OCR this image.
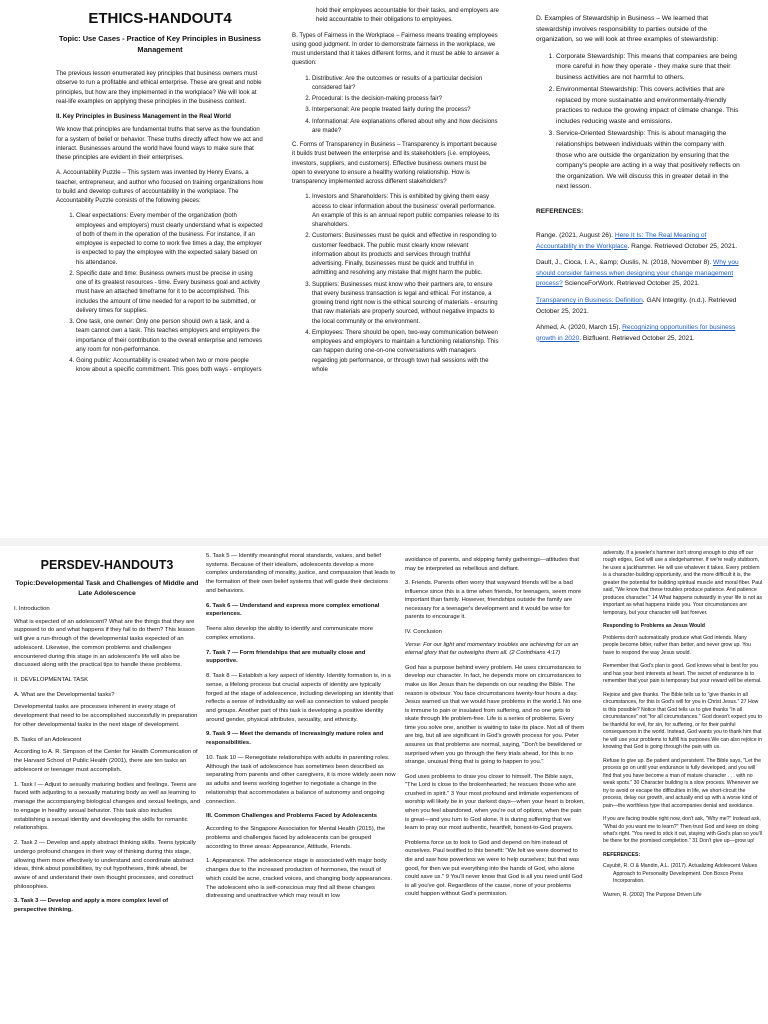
ETHICS-HANDOUT4
Topic: Use Cases - Practice of Key Principles in Business Management

The previous lesson enumerated key principles that business owners must observe to run a profitable and ethical enterprise. These are great and noble principles, but how are they implemented in the workplace? We will look at real-life examples on applying these principles in the business context.

II. Key Principles in Business Management in the Real World

We know that principles are fundamental truths that serve as the foundation for a system of belief or behavior. These truths directly affect how we act and interact. Businesses around the world have found ways to make sure that these principles are evident in their enterprises.

A. Accountability Puzzle – This system was invented by Henry Evans, a teacher, entrepreneur, and author who focused on training organizations how to build and develop cultures of accountability in the workplace. The Accountability Puzzle consists of the following pieces:

1. Clear expectations: Every member of the organization (both employees and employers) must clearly understand what is expected of both of them in the operation of the business. For instance, if an employee is expected to come to work five times a day, the employer is expected to pay the employee with the expected salary based on his attendance.
2. Specific date and time: Business owners must be precise in using one of its greatest resources - time. Every business goal and activity must have an attached timeframe for it to be accomplished. This includes the amount of time needed for a report to be submitted, or delivery times for supplies.
3. One task, one owner: Only one person should own a task, and a team cannot own a task. This teaches employers and employers the importance of their contribution to the overall enterprise and removes any room for non-performance.
4. Going public: Accountability is created when two or more people know about a specific commitment. This goes both ways - employers

hold their employees accountable for their tasks, and employers are held accountable to their obligations to employees.

B. Types of Fairness in the Workplace – Fairness means treating employees using good judgment. In order to demonstrate fairness in the workplace, we must understand that it takes different forms, and it must be able to answer a question:

1. Distributive: Are the outcomes or results of a particular decision considered fair?
2. Procedural: Is the decision-making process fair?
3. Interpersonal: Are people treated fairly during the process?
4. Informational: Are explanations offered about why and how decisions are made?

C. Forms of Transparency in Business – Transparency is important because it builds trust between the enterprise and its stakeholders (i.e. employees, investors, suppliers, and customers). Effective business owners must be open to everyone to ensure a healthy working relationship. How is transparency implemented across different stakeholders?

1. Investors and Shareholders: This is exhibited by giving them easy access to clear information about the business' overall performance. An example of this is an annual report public companies release to its shareholders.
2. Customers: Businesses must be quick and effective in responding to customer feedback. The public must clearly know relevant information about its products and services through truthful advertising. Finally, businesses must be quick and truthful in admitting and resolving any mistake that might harm the public.
3. Suppliers: Businesses must know who their partners are, to ensure that every business transaction is legal and ethical. For instance, a growing trend right now is the ethical sourcing of materials - ensuring that raw materials are properly sourced, without negative impacts to the local community or the environment.
4. Employees: There should be open, two-way communication between employees and employers to maintain a functioning relationship. This can happen during one-on-one conversations with managers regarding job performance, or through town hall sessions with the whole

D. Examples of Stewardship in Business – We learned that stewardship involves responsibility to parties outside of the organization, so we will look at three examples of stewardship:

1. Corporate Stewardship: This means that companies are being more careful in how they operate - they make sure that their business activities are not harmful to others.
2. Environmental Stewardship: This covers activities that are replaced by more sustainable and environmentally-friendly practices to reduce the growing impact of climate change. This includes reducing waste and emissions.
3. Service-Oriented Stewardship: This is about managing the relationships between individuals within the company with those who are outside the organization by ensuring that the company's people are acting in a way that positively reflects on the organization. We will discuss this in greater detail in the next lesson.
REFERENCES:

Range. (2021, August 26). Here It Is: The Real Meaning of Accountability in the Workplace. Range. Retrieved October 25, 2021.

Dault, J., Cioca, I. A., &amp; Ouslis, N. (2018, November 8). Why you should consider fairness when designing your change management process? ScienceForWork. Retrieved October 25, 2021.

Transparency in Business: Definition. GAN Integrity. (n.d.). Retrieved October 25, 2021.

Ahmed, A. (2020, March 15). Recognizing opportunities for business growth in 2020. Bizfluent. Retrieved October 25, 2021.

PERSDEV-HANDOUT3
Topic:Developmental Task and Challenges of Middle and Late Adolescence
I. Introduction

What is expected of an adolescent? What are the things that they are supposed to do and what happens if they fail to do them? This lesson will give a run-through of the developmental tasks expected of an adolescent. Likewise, the common problems and challenges encountered during this stage in an adolescent's life will also be discussed along with the practical tips to handle these problems.

II. DEVELOPMENTAL TASK
A. What are the Developmental tasks?

Developmental tasks are processes inherent in every stage of development that need to be accomplished successfully in preparation for other developmental tasks in the next stage of development.

B. Tasks of an Adolescent

According to A. R. Simpson of the Center for Health Communication of the Harvard School of Public Health (2001), there are ten tasks an adolescent or teenager must accomplish.

1. Task I — Adjust to sexually maturing bodies and feelings. Teens are faced with adjusting to a sexually maturing body as well as learning to manage the accompanying biological changes and sexual feelings, and to engage in healthy sexual behavior. This task also includes establishing a sexual identity and developing the skills for romantic relationships.

2. Task 2 — Develop and apply abstract thinking skills. Teens typically undergo profound changes in their way of thinking during this stage, allowing them more effectively to understand and coordinate abstract ideas, think about possibilities, try out hypotheses, think ahead, be aware of and understand their own thought processes, and construct philosophies.

3. Task 3 — Develop and apply a more complex level of perspective thinking.

5. Task 5 — Identify meaningful moral standards, values, and belief systems. Because of their idealism, adolescents develop a more complex understanding of morality, justice, and compassion that leads to the formation of their own belief systems that will guide their decisions and behaviors.

6. Task 6 — Understand and express more complex emotional experiences.

Teens also develop the ability to identify and communicate more complex emotions.

7. Task 7 — Form friendships that are mutually close and supportive.

8. Task 8 — Establish a key aspect of identity. Identity formation is, in a sense, a lifelong process but crucial aspects of identity are typically forged at the stage of adolescence, including developing an identity that reflects a sense of individuality as well as connection to valued people and groups. Another part of this task is developing a positive identity around gender, physical attributes, sexuality, and ethnicity.

9. Task 9 — Meet the demands of increasingly mature roles and responsibilities.

10. Task 10 — Renegotiate relationships with adults in parenting roles. Although the task of adolescence has sometimes been described as separating from parents and other caregivers, it is more widely seen now as adults and teens working together to negotiate a change in the relationship that accommodates a balance of autonomy and ongoing connection.

III. Common Challenges and Problems Faced by Adolescents

According to the Singapore Association for Mental Health (2015), the problems and challenges faced by adolescents can be grouped according to three areas: Appearance, Attitude, Friends.

1. Appearance. The adolescence stage is associated with major body changes due to the increased production of hormones, the result of which could be acne, cracked voices, and changing body appearances. The adolescent who is self-conscious may find all these changes distressing and unattractive which may result in low

avoidance of parents, and skipping family gatherings—attitudes that may be interpreted as rebellious and defiant.

3. Friends. Parents often worry that wayward friends will be a bad influence since this is a time when friends, for teenagers, seem more important than family. However, friendships outside the family are necessary for a teenager's development and it would be wise for parents to encourage it.

IV. Conclusion

Verse: For our light and momentary troubles are achieving for us an eternal glory that far outweighs them all. (2 Corinthians 4:17)

God has a purpose behind every problem. He uses circumstances to develop our character. In fact, he depends more on circumstances to make us like Jesus than he depends on our reading the Bible. The reason is obvious: You face circumstances twenty-four hours a day. Jesus warned us that we would have problems in the world.1 No one is immune to pain or insulated from suffering, and no one gets to skate through life problem-free. Life is a series of problems. Every time you solve one, another is waiting to take its place. Not all of them are big, but all are significant in God's growth process for you. Peter assures us that problems are normal, saying, "Don't be bewildered or surprised when you go through the fiery trials ahead, for this is no strange, unusual thing that is going to happen to you."

God uses problems to draw you closer to himself. The Bible says, "The Lord is close to the brokenhearted; he rescues those who are crushed in spirit." 3 Your most profound and intimate experiences of worship will likely be in your darkest days—when your heart is broken, when you feel abandoned, when you're out of options, when the pain is great—and you turn to God alone. It is during suffering that we learn to pray our most authentic, heartfelt, honest-to-God prayers.

Problems force us to look to God and depend on him instead of ourselves. Paul testified to this benefit: "We felt we were doomed to die and saw how powerless we were to help ourselves; but that was good, for then we put everything into the hands of God, who alone could save us." 9 You'll never know that God is all you need until God is all you've got. Regardless of the cause, none of your problems could happen without God's permission.

adversity. If a jeweler's hammer isn't strong enough to chip off our rough edges, God will use a sledgehammer. If we're really stubborn, he uses a jackhammer. He will use whatever it takes. Every problem is a character-building opportunity, and the more difficult it is, the greater the potential for building spiritual muscle and moral fiber. Paul said, "We know that these troubles produce patience. And patience produces character." 14 What happens outwardly in your life is not as important as what happens inside you. Your circumstances are temporary, but your character will last forever.

Responding to Problems as Jesus Would

Problems don't automatically produce what God intends. Many people become bitter, rather than better, and never grow up. You have to respond the way Jesus would.

Remember that God's plan is good. God knows what is best for you and has your best interests at heart. The secret of endurance is to remember that your pain is temporary but your reward will be eternal.

Rejoice and give thanks. The Bible tells us to "give thanks in all circumstances, for this is God's will for you in Christ Jesus." 27 How is this possible? Notice that God tells us to give thanks "in all circumstances" not "for all circumstances." God doesn't expect you to be thankful for evil, for sin, for suffering, or for their painful consequences in the world. Instead, God wants you to thank him that he will use your problems to fulfill his purposes.We can also rejoice in knowing that God is going through the pain with us.

Refuse to give up. Be patient and persistent. The Bible says, "Let the process go on until your endurance is fully developed, and you will find that you have become a man of mature character . . . with no weak spots." 30 Character building is a slow process. Whenever we try to avoid or escape the difficulties in life, we short-circuit the process, delay our growth, and actually end up with a worse kind of pain—the worthless type that accompanies denial and avoidance.

If you are facing trouble right now, don't ask, "Why me?" Instead ask, "What do you want me to learn?" Then trust God and keep on doing what's right. "You need to stick it out, staying with God's plan so you'll be there for the promised completion." 31 Don't give up—grow up!

REFERENCES:

Cayubit, R. O & Mandin, A.L. (2017). Actualizing Adolescent Values Approach to Personality Development. Don Bosco Press Incorporation.

Warren, R. (2002) The Purpose Driven Life
